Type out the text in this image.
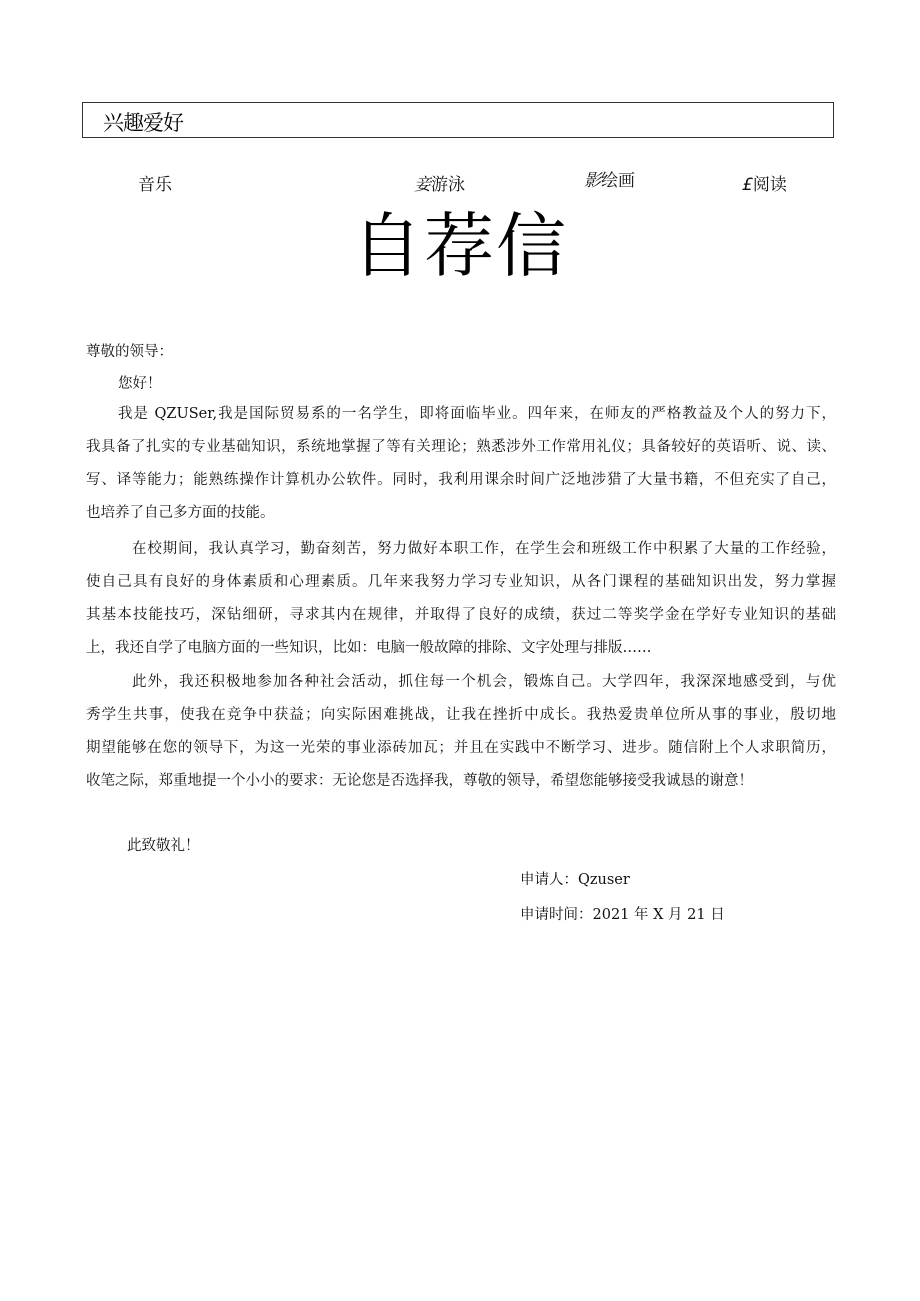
兴趣爱好
音乐	妾游泳	影绘画	£阅读
自荐信
尊敬的领导：
您好！
我是 QZUSer,我是国际贸易系的一名学生，即将面临毕业。四年来，在师友的严格教益及个人的努力下，
我具备了扎实的专业基础知识，系统地掌握了等有关理论；熟悉涉外工作常用礼仪；具备较好的英语听、说、读、
写、译等能力；能熟练操作计算机办公软件。同时，我利用课余时间广泛地涉猎了大量书籍，不但充实了自己，
也培养了自己多方面的技能。
在校期间，我认真学习，勤奋刻苦，努力做好本职工作，在学生会和班级工作中积累了大量的工作经验，
使自己具有良好的身体素质和心理素质。几年来我努力学习专业知识，从各门课程的基础知识出发，努力掌握
其基本技能技巧，深钻细研，寻求其内在规律，并取得了良好的成绩，获过二等奖学金在学好专业知识的基础
上，我还自学了电脑方面的一些知识，比如：电脑一般故障的排除、文字处理与排版……
此外，我还积极地参加各种社会活动，抓住每一个机会，锻炼自己。大学四年，我深深地感受到，与优
秀学生共事，使我在竞争中获益；向实际困难挑战，让我在挫折中成长。我热爱贵单位所从事的事业，殷切地
期望能够在您的领导下，为这一光荣的事业添砖加瓦；并且在实践中不断学习、进步。随信附上个人求职简历，
收笔之际，郑重地提一个小小的要求：无论您是否选择我，尊敬的领导，希望您能够接受我诚恳的谢意！
此致敬礼！
申请人：Qzuser
申请时间：2021 年 X 月 21 日
